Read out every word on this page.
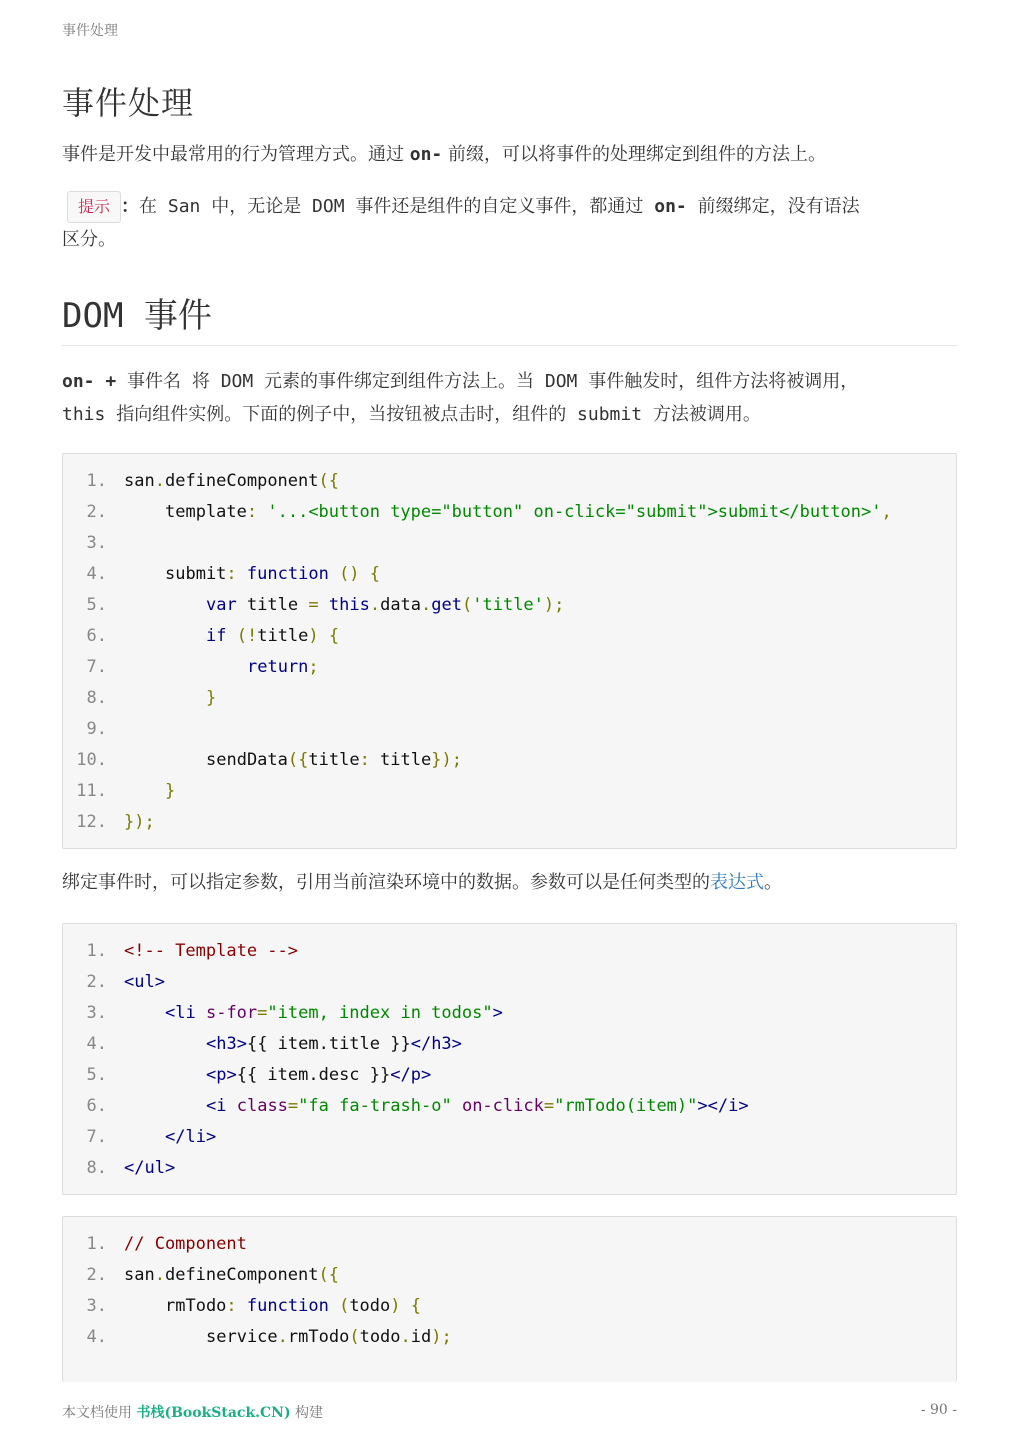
事件处理
事件处理

事件是开发中最常用的行为管理方式。通过 on- 前缀，可以将事件的处理绑定到组件的方法上。

提示 ：在 San 中，无论是 DOM 事件还是组件的自定义事件，都通过 on- 前缀绑定，没有语法
区分。
DOM 事件
on- + 事件名 将 DOM 元素的事件绑定到组件方法上。当 DOM 事件触发时，组件方法将被调用，
this 指向组件实例。下面的例子中，当按钮被点击时，组件的 submit 方法被调用。
1. san.defineComponent({
2.	template: '...<button type="button" on-click="submit">submit</button>',
3.
4.	submit: function () {
5.	var title = this.data.get('title');
6.	if (!title) {
7.	return;
8.	}
9.
10.	sendData({title: title});
11.	}
12. });

绑定事件时，可以指定参数，引用当前渲染环境中的数据。参数可以是任何类型的表达式。

1. <!-- Template -->
2. <ul>
3.	<li s-for="item, index in todos">
4.	<h3>{{ item.title }}</h3>
5.	<p>{{ item.desc }}</p>
6.	<i class="fa fa-trash-o" on-click="rmTodo(item)"></i>
7.	</li>
8. </ul>
1. // Component
2. san.defineComponent({
3.	rmTodo: function (todo) {
4.	service.rmTodo(todo.id);
本文档使用 书栈(BookStack.CN) 构建	- 90 -
